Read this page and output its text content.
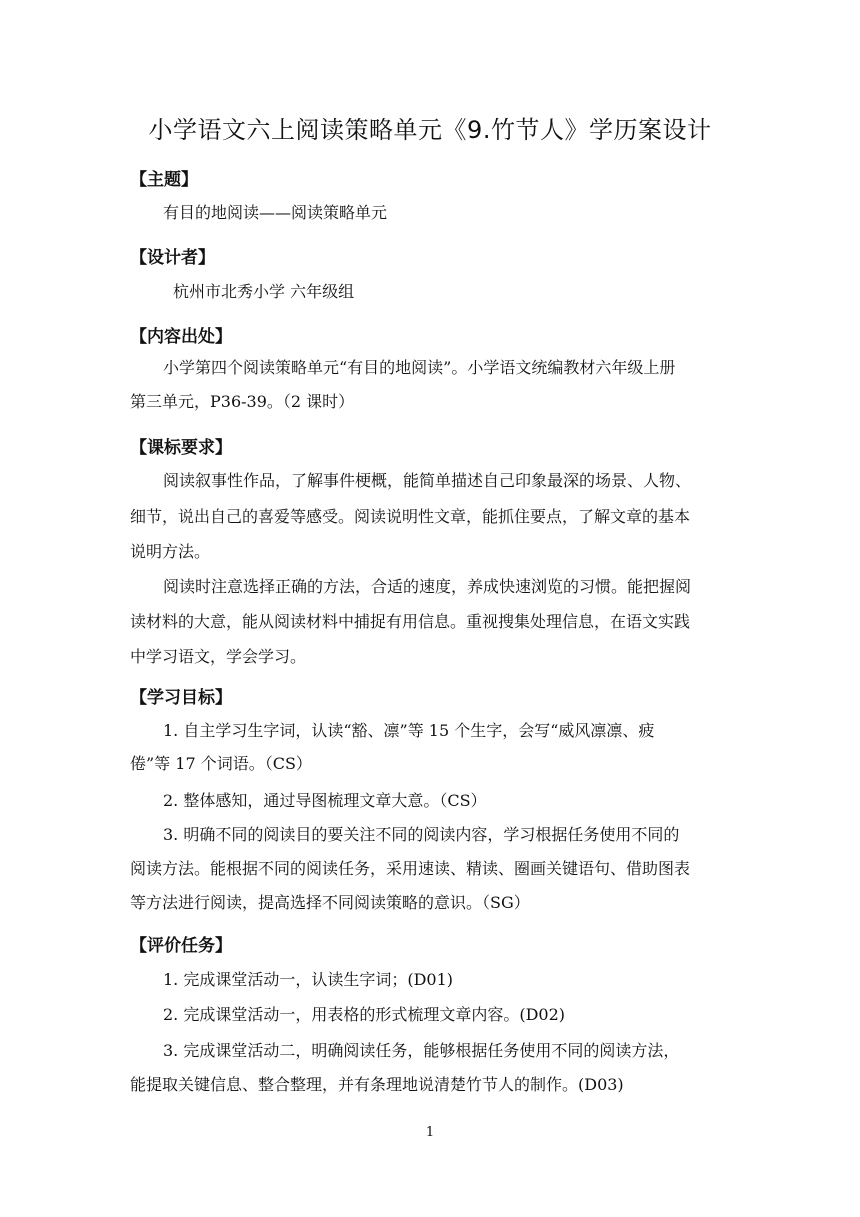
小学语文六上阅读策略单元《9.竹节人》学历案设计
【主题】
有目的地阅读——阅读策略单元
【设计者】
杭州市北秀小学 六年级组
【内容出处】
小学第四个阅读策略单元“有目的地阅读”。小学语文统编教材六年级上册
第三单元，P36-39。（2 课时）
【课标要求】
阅读叙事性作品，了解事件梗概，能简单描述自己印象最深的场景、人物、
细节，说出自己的喜爱等感受。阅读说明性文章，能抓住要点，了解文章的基本
说明方法。
阅读时注意选择正确的方法，合适的速度，养成快速浏览的习惯。能把握阅
读材料的大意，能从阅读材料中捕捉有用信息。重视搜集处理信息，在语文实践
中学习语文，学会学习。
【学习目标】
1. 自主学习生字词，认读“豁、凛”等 15 个生字，会写“威风凛凛、疲
倦”等 17 个词语。（CS）
2. 整体感知，通过导图梳理文章大意。（CS）
3. 明确不同的阅读目的要关注不同的阅读内容，学习根据任务使用不同的
阅读方法。能根据不同的阅读任务，采用速读、精读、圈画关键语句、借助图表
等方法进行阅读，提高选择不同阅读策略的意识。（SG）
【评价任务】
1. 完成课堂活动一，认读生字词；(D01)
2. 完成课堂活动一，用表格的形式梳理文章内容。(D02)
3. 完成课堂活动二，明确阅读任务，能够根据任务使用不同的阅读方法，
能提取关键信息、整合整理，并有条理地说清楚竹节人的制作。(D03)
1
